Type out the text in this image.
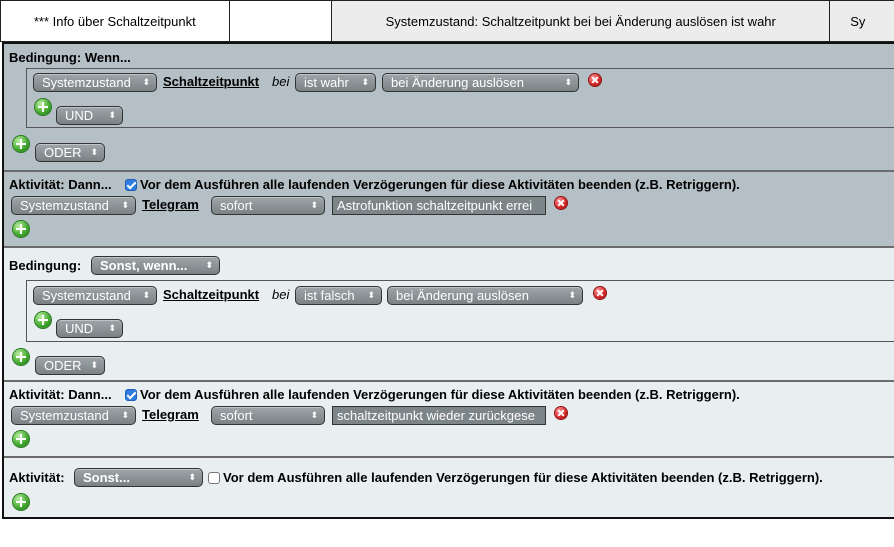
*** Info über Schaltzeitpunkt	Systemzustand: Schaltzeitpunkt bei bei Änderung auslösen ist wahr	Sy
Bedingung: Wenn...
Systemzustand ⬍ Schaltzeitpunkt bei	ist wahr ⬍	bei Änderung auslösen	⬍
UND ⬍
ODER ⬍
Aktivität: Dann... Vor dem Ausführen alle laufenden Verzögerungen für diese Aktivitäten beenden (z.B. Retriggern).
Systemzustand ⬍ Telegram	sofort	⬍	Astrofunktion schaltzeitpunkt errei
Bedingung:	Sonst, wenn... ⬍
Systemzustand ⬍ Schaltzeitpunkt bei	ist falsch ⬍	bei Änderung auslösen	⬍
UND ⬍
ODER ⬍
Aktivität: Dann... Vor dem Ausführen alle laufenden Verzögerungen für diese Aktivitäten beenden (z.B. Retriggern).
Systemzustand ⬍ Telegram	sofort	⬍	schaltzeitpunkt wieder zurückgese
Aktivität:	Sonst...	⬍ Vor dem Ausführen alle laufenden Verzögerungen für diese Aktivitäten beenden (z.B. Retriggern).
